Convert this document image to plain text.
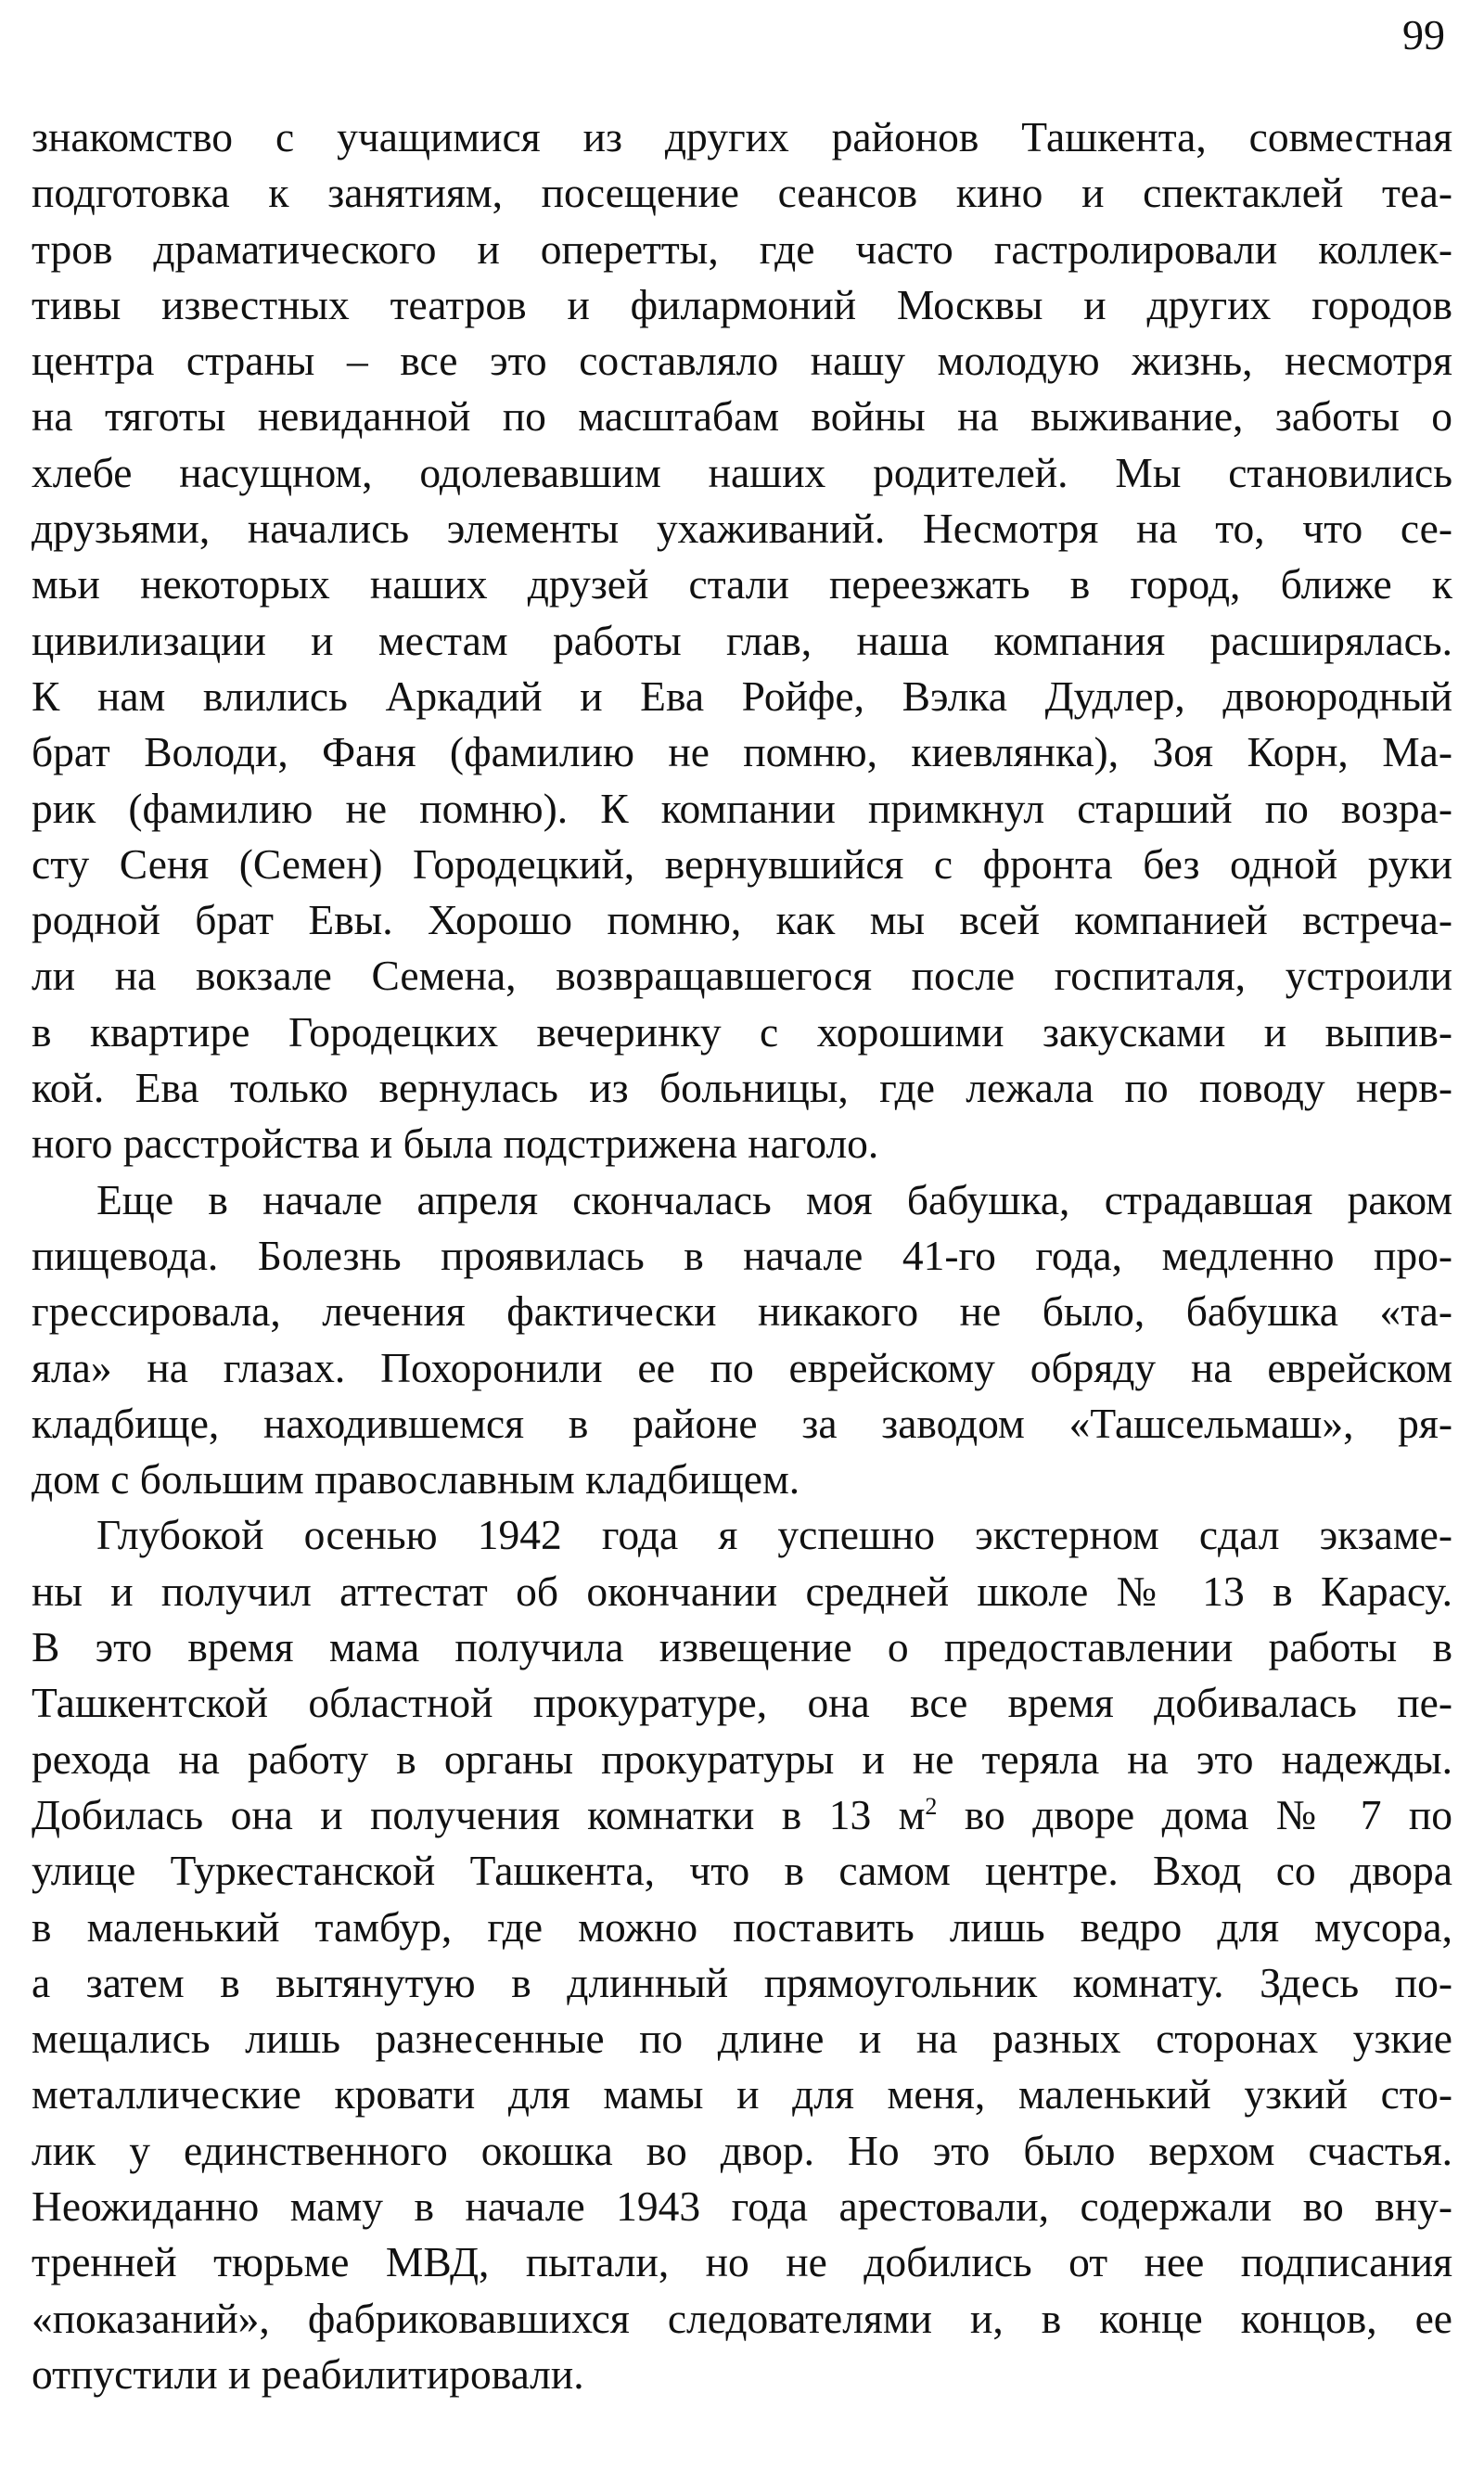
99
знакомство с учащимися из других районов Ташкента, совместная
подготовка к занятиям, посещение сеансов кино и спектаклей теа-
тров драматического и оперетты, где часто гастролировали коллек-
тивы известных театров и филармоний Москвы и других городов
центра страны – все это составляло нашу молодую жизнь, несмотря
на тяготы невиданной по масштабам войны на выживание, заботы о
хлебе насущном, одолевавшим наших родителей. Мы становились
друзьями, начались элементы ухаживаний. Несмотря на то, что се-
мьи некоторых наших друзей стали переезжать в город, ближе к
цивилизации и местам работы глав, наша компания расширялась.
К нам влились Аркадий и Ева Ройфе, Вэлка Дудлер, двоюродный
брат Володи, Фаня (фамилию не помню, киевлянка), Зоя Корн, Ма-
рик (фамилию не помню). К компании примкнул старший по возра-
сту Сеня (Семен) Городецкий, вернувшийся с фронта без одной руки
родной брат Евы. Хорошо помню, как мы всей компанией встреча-
ли на вокзале Семена, возвращавшегося после госпиталя, устроили
в квартире Городецких вечеринку с хорошими закусками и выпив-
кой. Ева только вернулась из больницы, где лежала по поводу нерв-
ного расстройства и была подстрижена наголо.
Еще в начале апреля скончалась моя бабушка, страдавшая раком
пищевода. Болезнь проявилась в начале 41-го года, медленно про-
грессировала, лечения фактически никакого не было, бабушка «та-
яла» на глазах. Похоронили ее по еврейскому обряду на еврейском
кладбище, находившемся в районе за заводом «Ташсельмаш», ря-
дом с большим православным кладбищем.
Глубокой осенью 1942 года я успешно экстерном сдал экзаме-
ны и получил аттестат об окончании средней школе № 13 в Карасу.
В это время мама получила извещение о предоставлении работы в
Ташкентской областной прокуратуре, она все время добивалась пе-
рехода на работу в органы прокуратуры и не теряла на это надежды.
Добилась она и получения комнатки в 13 $м^2$ во дворе дома № 7 по
улице Туркестанской Ташкента, что в самом центре. Вход со двора
в маленький тамбур, где можно поставить лишь ведро для мусора,
а затем в вытянутую в длинный прямоугольник комнату. Здесь по-
мещались лишь разнесенные по длине и на разных сторонах узкие
металлические кровати для мамы и для меня, маленький узкий сто-
лик у единственного окошка во двор. Но это было верхом счастья.
Неожиданно маму в начале 1943 года арестовали, содержали во вну-
тренней тюрьме МВД, пытали, но не добились от нее подписания
«показаний», фабриковавшихся следователями и, в конце концов, ее
отпустили и реабилитировали.
